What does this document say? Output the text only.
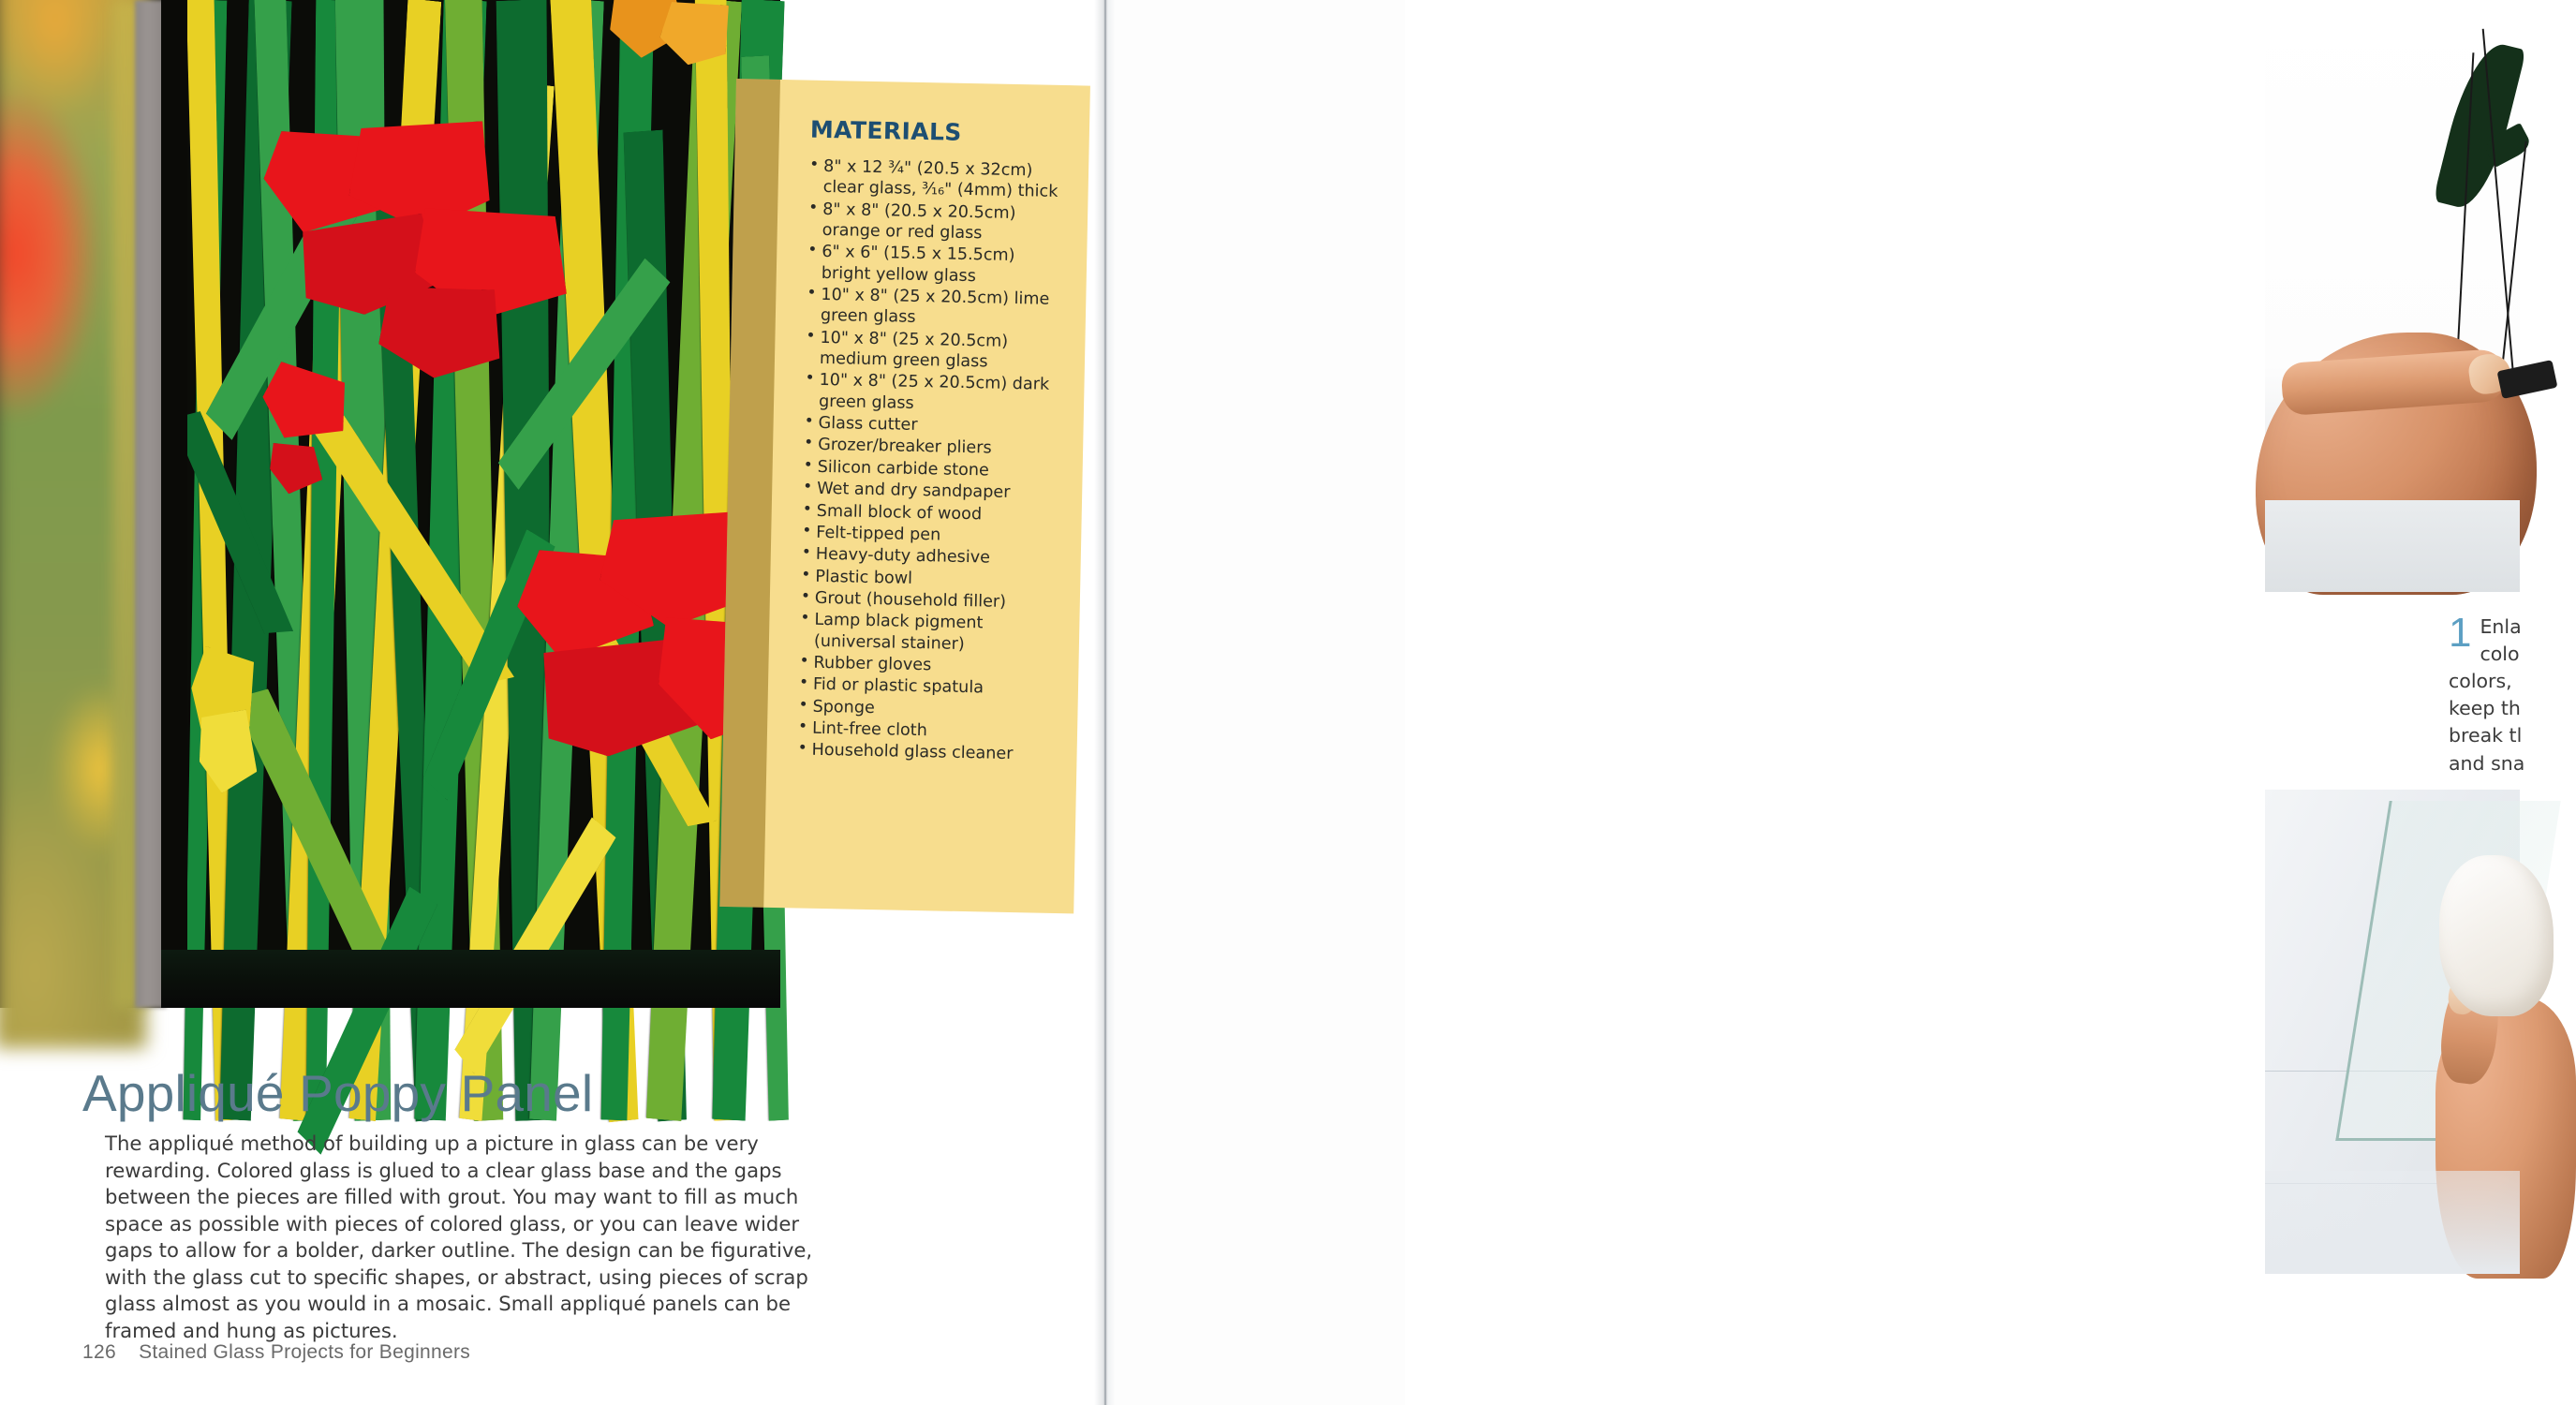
MATERIALS
• 8" x 12 ¾" (20.5 x 32cm) clear glass, ³⁄₁₆" (4mm) thick
• 8" x 8" (20.5 x 20.5cm) orange or red glass
• 6" x 6" (15.5 x 15.5cm) bright yellow glass
• 10" x 8" (25 x 20.5cm) lime green glass
• 10" x 8" (25 x 20.5cm) medium green glass
• 10" x 8" (25 x 20.5cm) dark green glass
• Glass cutter
• Grozer/breaker pliers
• Silicon carbide stone
• Wet and dry sandpaper
• Small block of wood
• Felt-tipped pen
• Heavy-duty adhesive
• Plastic bowl
• Grout (household filler)
• Lamp black pigment (universal stainer)
• Rubber gloves
• Fid or plastic spatula
• Sponge
• Lint-free cloth
• Household glass cleaner
Appliqué Poppy Panel

The appliqué method of building up a picture in glass can be very rewarding. Colored glass is glued to a clear glass base and the gaps between the pieces are filled with grout. You may want to fill as much space as possible with pieces of colored glass, or you can leave wider gaps to allow for a bolder, darker outline. The design can be figurative, with the glass cut to specific shapes, or abstract, using pieces of scrap glass almost as you would in a mosaic. Small appliqué panels can be framed and hung as pictures.

126 Stained Glass Projects for Beginners
1 Enla colo colors, keep th break tl and sna
